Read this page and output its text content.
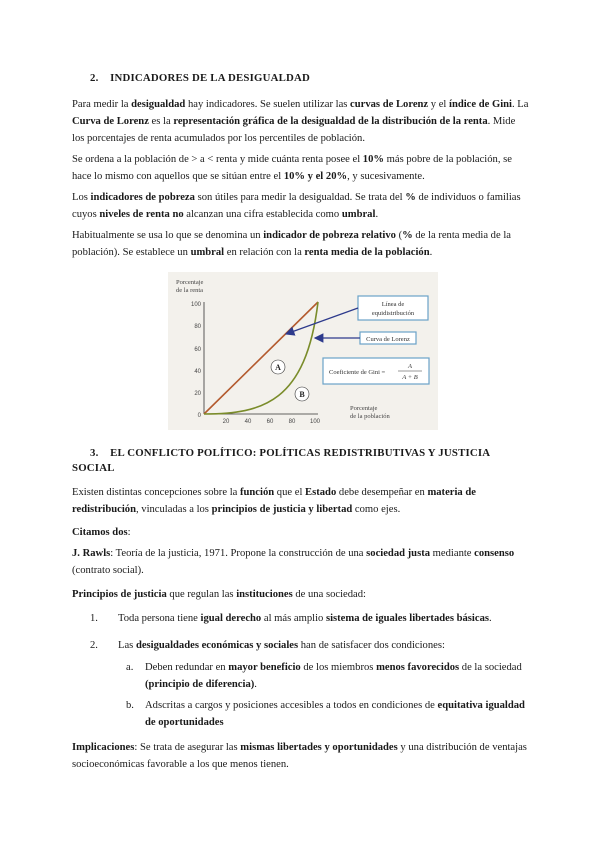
2. INDICADORES DE LA DESIGUALDAD
Para medir la desigualdad hay indicadores. Se suelen utilizar las curvas de Lorenz y el índice de Gini. La Curva de Lorenz es la representación gráfica de la desigualdad de la distribución de la renta. Mide los porcentajes de renta acumulados por los percentiles de población.
Se ordena a la población de > a < renta y mide cuánta renta posee el 10% más pobre de la población, se hace lo mismo con aquellos que se sitúan entre el 10% y el 20%, y sucesivamente.
Los indicadores de pobreza son útiles para medir la desigualdad. Se trata del % de individuos o familias cuyos niveles de renta no alcanzan una cifra establecida como umbral.
Habitualmente se usa lo que se denomina un indicador de pobreza relativo (% de la renta media de la población). Se establece un umbral en relación con la renta media de la población.
Porcentaje
de la renta
100
80
60
40
20
0
20	40	60	80 100
A
B
Línea de
equidistribución
Curva de Lorenz
Coeficiente de Gini =
A
A + B
Porcentaje
de la población
3. EL CONFLICTO POLÍTICO: POLÍTICAS REDISTRIBUTIVAS Y JUSTICIA
SOCIAL
Existen distintas concepciones sobre la función que el Estado debe desempeñar en materia de redistribución, vinculadas a los principios de justicia y libertad como ejes.
Citamos dos:
J. Rawls: Teoría de la justicia, 1971. Propone la construcción de una sociedad justa mediante consenso (contrato social).
Principios de justicia que regulan las instituciones de una sociedad:
1. Toda persona tiene igual derecho al más amplio sistema de iguales libertades básicas.
2. Las desigualdades económicas y sociales han de satisfacer dos condiciones:
a.	Deben redundar en mayor beneficio de los miembros menos favorecidos de la sociedad (principio de diferencia).
b.	Adscritas a cargos y posiciones accesibles a todos en condiciones de equitativa igualdad de oportunidades
Implicaciones: Se trata de asegurar las mismas libertades y oportunidades y una distribución de ventajas socioeconómicas favorable a los que menos tienen.
